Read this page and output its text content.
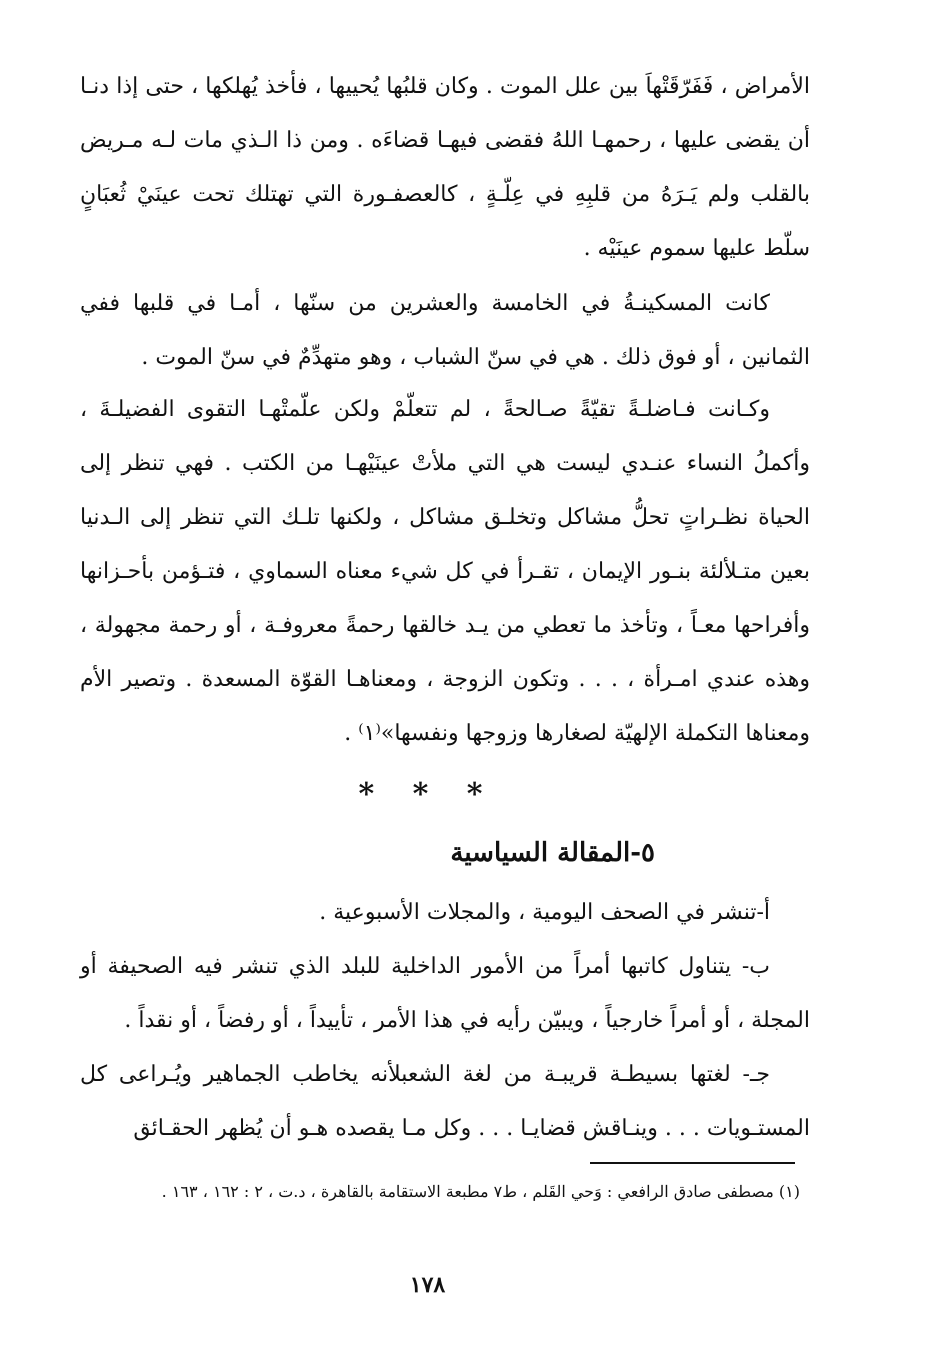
الأمراض ، فَفَرّقَتْهاَ بين علل الموت . وكان قلبُها يُحييها ، فأخذ يُهلكها ، حتى إذا دنـا أن يقضى عليها ، رحمهـا اللهُ فقضى فيهـا قضاءَه . ومن ذا الـذي مات لـه مـريض بالقلب ولم يَـرَهُ من قلبِهِ في عِلّـةٍ ، كالعصفـورة التي تهتلك تحت عينَيْ ثُعبَانٍ سلّط عليها سموم عينَيْه .
كانت المسكينـةُ في الخامسة والعشرين من سنّها ، أمـا في قلبها ففي الثمانين ، أو فوق ذلك . هي في سنّ الشباب ، وهو متهدِّمٌ في سنّ الموت .
وكـانت فـاضلـةً تقيّةً صـالحةً ، لم تتعلّمْ ولكن علّمتْهـا التقوى الفضيلـةَ ، وأكملُ النساء عنـدي ليست هي التي ملأتْ عينَيْهـا من الكتب . فهي تنظر إلى الحياة نظـراتٍ تحلُّ مشاكل وتخلـق مشاكل ، ولكنها تلـك التي تنظر إلى الـدنيا بعين متـلألئة بنـور الإيمان ، تقـرأ في كل شيء معناه السماوي ، فتـؤمن بأحـزانها وأفراحها معـاً ، وتأخذ ما تعطي من يـد خالقها رحمةً معروفـة ، أو رحمة مجهولة ، وهذه عندي امـرأة ، . . . وتكون الزوجة ، ومعناهـا القوّة المسعدة . وتصير الأم ومعناها التكملة الإلهيّة لصغارها وزوجها ونفسها»⁽١⁾ .
* * *
٥-المقالة السياسية
أ-تنشر في الصحف اليومية ، والمجلات الأسبوعية .
ب- يتناول كاتبها أمراً من الأمور الداخلية للبلد الذي تنشر فيه الصحيفة أو المجلة ، أو أمراً خارجياً ، ويبيّن رأيه في هذا الأمر ، تأييداً ، أو رفضاً ، أو نقداً .
جـ- لغتها بسيطـة قريبـة من لغة الشعبلأنه يخاطب الجماهير ويُـراعى كل المستـويات . . . وينـاقش قضايـا . . . وكل مـا يقصده هـو أن يُظهر الحقـائق
(١) مصطفى صادق الرافعي : وَحي القَلم ، ط٧ مطبعة الاستقامة بالقاهرة ، د.ت ، ٢ : ١٦٢ ، ١٦٣ .
١٧٨
